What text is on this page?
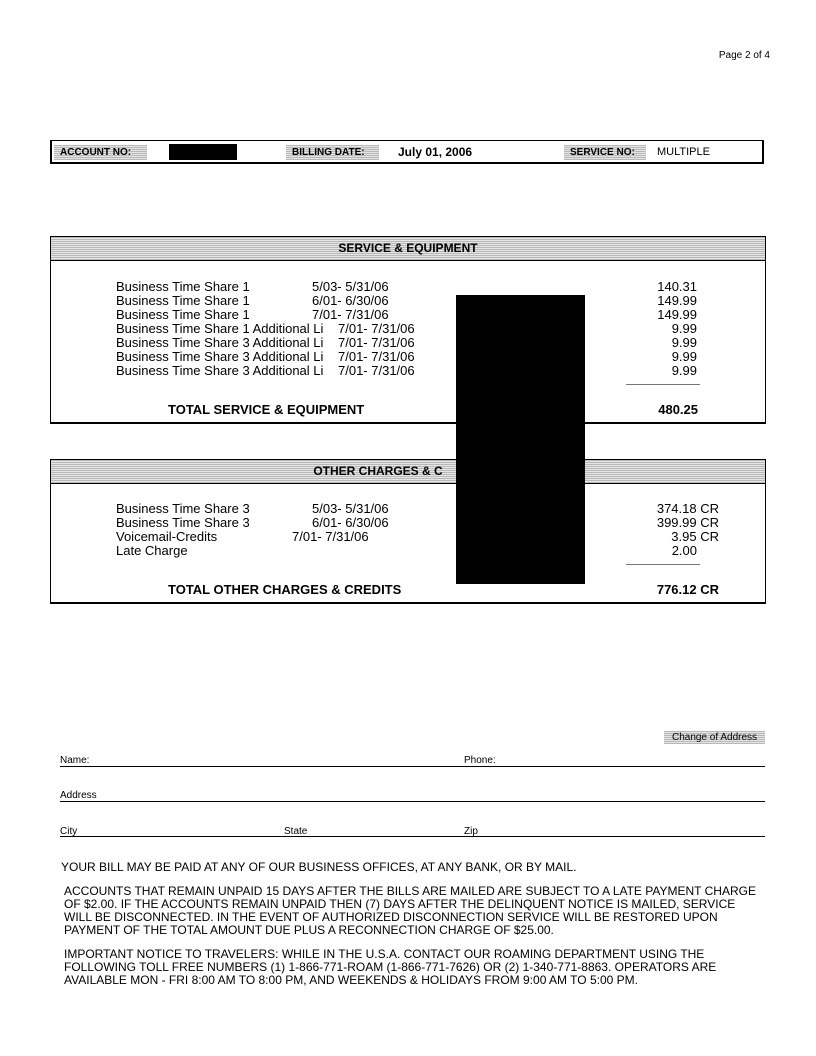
Page 2 of 4
ACCOUNT NO:	BILLING DATE:	July 01, 2006	SERVICE NO:	MULTIPLE
SERVICE & EQUIPMENT
Business Time Share 1	5/03- 5/31/06	140.31
Business Time Share 1	6/01- 6/30/06	149.99
Business Time Share 1	7/01- 7/31/06	149.99
Business Time Share 1 Additional Li 7/01- 7/31/06	9.99
Business Time Share 3 Additional Li 7/01- 7/31/06	9.99
Business Time Share 3 Additional Li 7/01- 7/31/06	9.99
Business Time Share 3 Additional Li 7/01- 7/31/06	9.99
TOTAL SERVICE & EQUIPMENT	480.25
OTHER CHARGES & C
Business Time Share 3	5/03- 5/31/06	374.18 CR
Business Time Share 3	6/01- 6/30/06	399.99 CR
Voicemail-Credits	7/01- 7/31/06	3.95 CR
Late Charge	2.00
TOTAL OTHER CHARGES & CREDITS	776.12 CR
Change of Address
Name:	Phone:
Address
City	State	Zip
YOUR BILL MAY BE PAID AT ANY OF OUR BUSINESS OFFICES, AT ANY BANK, OR BY MAIL.
ACCOUNTS THAT REMAIN UNPAID 15 DAYS AFTER THE BILLS ARE MAILED ARE SUBJECT TO A LATE PAYMENT CHARGE
OF $2.00. IF THE ACCOUNTS REMAIN UNPAID THEN (7) DAYS AFTER THE DELINQUENT NOTICE IS MAILED, SERVICE
WILL BE DISCONNECTED. IN THE EVENT OF AUTHORIZED DISCONNECTION SERVICE WILL BE RESTORED UPON
PAYMENT OF THE TOTAL AMOUNT DUE PLUS A RECONNECTION CHARGE OF $25.00.
IMPORTANT NOTICE TO TRAVELERS: WHILE IN THE U.S.A. CONTACT OUR ROAMING DEPARTMENT USING THE
FOLLOWING TOLL FREE NUMBERS (1) 1-866-771-ROAM (1-866-771-7626) OR (2) 1-340-771-8863. OPERATORS ARE
AVAILABLE MON - FRI 8:00 AM TO 8:00 PM, AND WEEKENDS & HOLIDAYS FROM 9:00 AM TO 5:00 PM.
